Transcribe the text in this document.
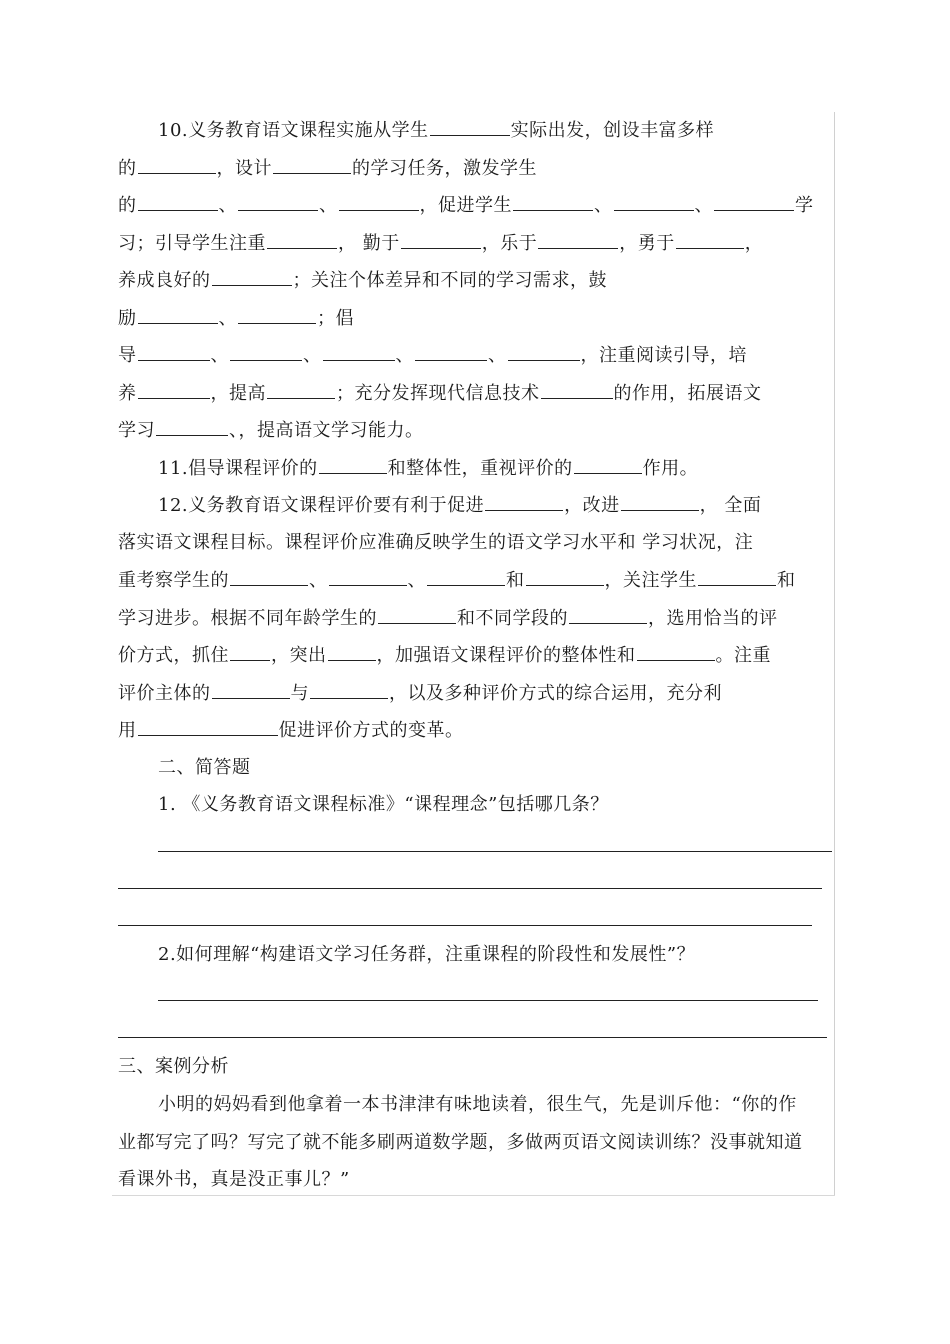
10.义务教育语文课程实施从学生	实际出发，创设丰富多样
的	，设计	的学习任务，激发学生
的	、	、	，促进学生	、	、	学
习；引导学生注重	， 勤于	，乐于	，勇于	，
养成良好的	；关注个体差异和不同的学习需求，鼓
励	、	；倡
导	、	、	、	、	，注重阅读引导，培
养	，提高	；充分发挥现代信息技术	的作用，拓展语文
学习	、，提高语文学习能力。
11.倡导课程评价的	和整体性，重视评价的	作用。
12.义务教育语文课程评价要有利于促进	，改进	， 全面
落实语文课程目标。课程评价应准确反映学生的语文学习水平和 学习状况，注
重考察学生的	、	、	和	，关注学生	和
学习进步。根据不同年龄学生的	和不同学段的	，选用恰当的评
价方式，抓住 ，突出	，加强语文课程评价的整体性和	。注重
评价主体的	与	，以及多种评价方式的综合运用，充分利
用	促进评价方式的变革。
二、简答题
1. 《义务教育语文课程标准》“课程理念”包括哪几条？
2.如何理解“构建语文学习任务群，注重课程的阶段性和发展性”？
三、案例分析
小明的妈妈看到他拿着一本书津津有味地读着，很生气，先是训斥他：“你的作
业都写完了吗？写完了就不能多刷两道数学题，多做两页语文阅读训练？没事就知道
看课外书，真是没正事儿？”
